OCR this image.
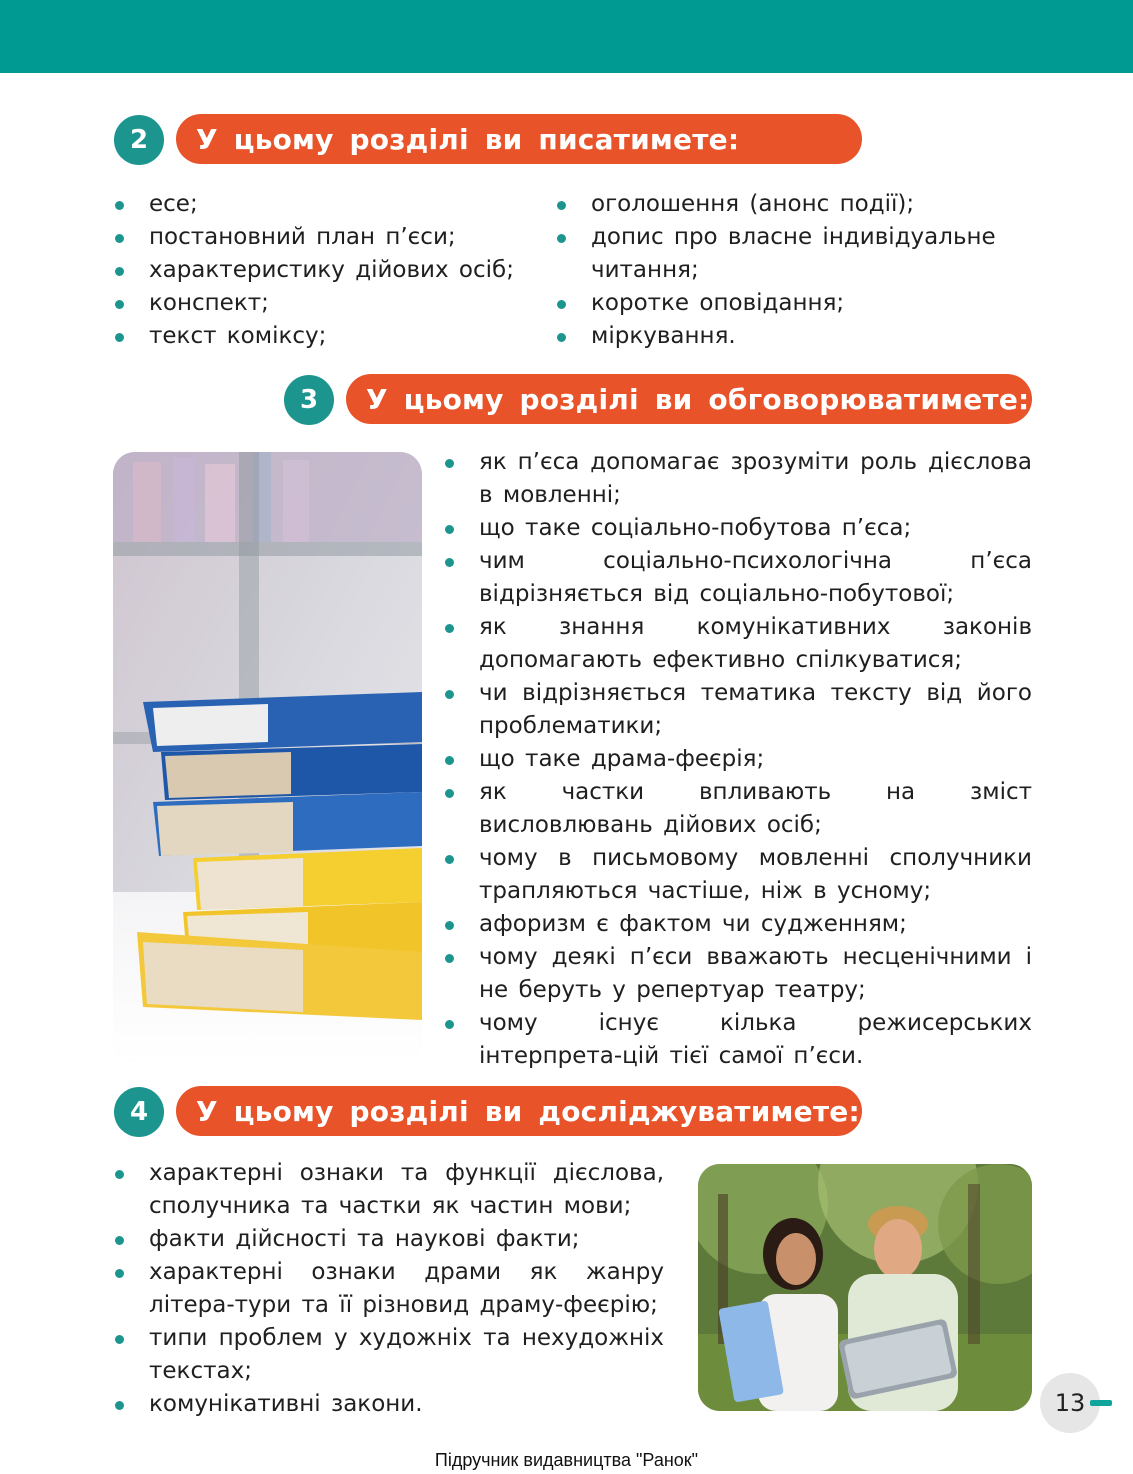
2	У цьому розділі ви писатимете:
есе;
постановний план п’єси;
характеристику дійових осіб;
конспект;
текст коміксу;
оголошення (анонс події);
допис про власне індивідуальне читання;
коротке оповідання;
міркування.
3	У цьому розділі ви обговорюватимете:
як п’єса допомагає зрозуміти роль дієслова в мовленні;
що таке соціально-побутова п’єса;
чим соціально-психологічна п’єса відрізняється від соціально-побутової;
як знання комунікативних законів допомагають ефективно спілкуватися;
чи відрізняється тематика тексту від його проблематики;
що таке драма-феєрія;
як частки впливають на зміст висловлювань дійових осіб;
чому в письмовому мовленні сполучники трапляються частіше, ніж в усному;
афоризм є фактом чи судженням;
чому деякі п’єси вважають несценічними і не беруть у репертуар театру;
чому існує кілька режисерських інтерпрета-цій тієї самої п’єси.
4	У цьому розділі ви досліджуватимете:
характерні ознаки та функції дієслова, сполучника та частки як частин мови;
факти дійсності та наукові факти;
характерні ознаки драми як жанру літера-тури та її різновид драму-феєрію;
типи проблем у художніх та нехудожніх текстах;
комунікативні закони.	13
Підручник видавництва "Ранок"
